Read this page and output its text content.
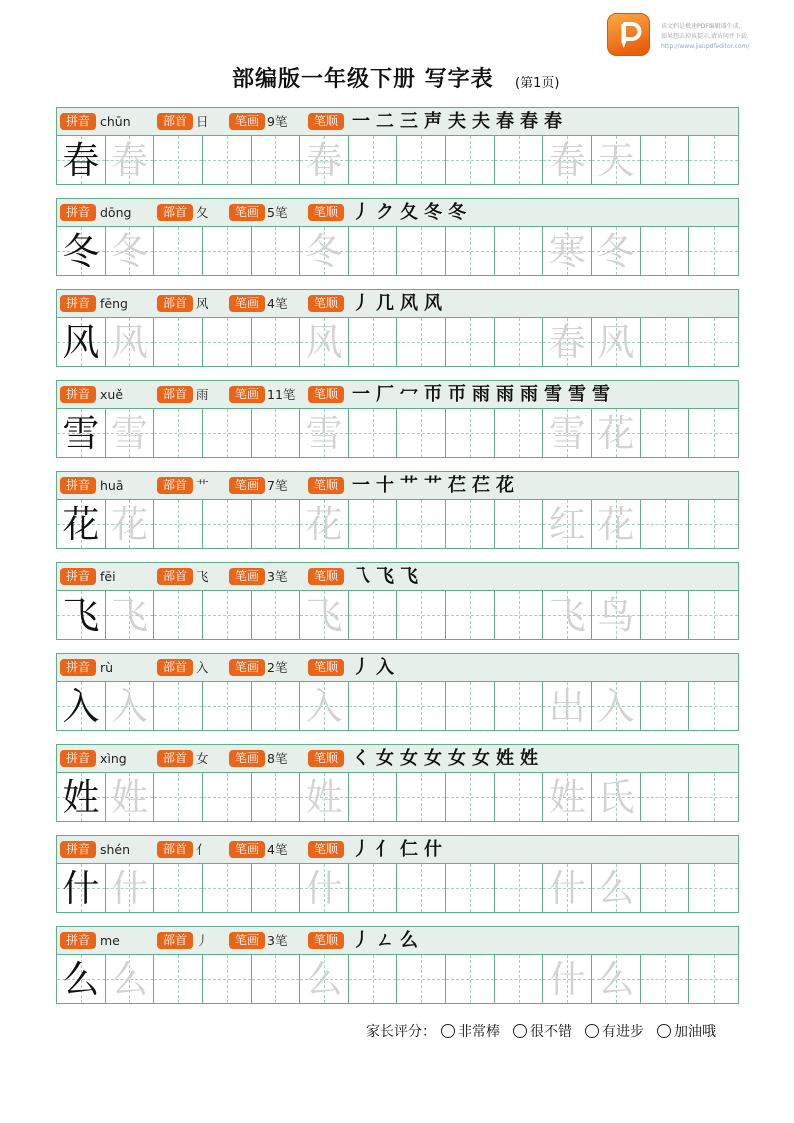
该文档是极速PDF编辑器生成,
如果想去掉该提示,请访问并下载:
http://www.jisupdfeditor.com/
部编版一年级下册 写字表 (第1页)
拼音 chūn	部首 日	笔画 9笔	笔顺 一 二 三 声 夫 夫 春 春 春
春 春	春	春 天
拼音 dōng	部首 夂	笔画 5笔	笔顺 丿 ク 夂 冬 冬
冬 冬	冬	寒 冬
拼音 fēng	部首 风	笔画 4笔	笔顺 丿 几 风 风
风 风	风	春 风
拼音 xuě	部首 雨	笔画 11笔	笔顺 一 厂 冖 帀 帀 雨 雨 雨 雪 雪 雪
雪 雪	雪	雪 花
拼音 huā	部首 艹	笔画 7笔	笔顺 一 十 艹 艹 芢 芢 花
花 花	花	红 花
拼音 fēi	部首 飞	笔画 3笔	笔顺 乁 飞 飞
飞 飞	飞	飞 鸟
拼音 rù	部首 入	笔画 2笔	笔顺 丿 入
入 入	入	出 入
拼音 xìng	部首 女	笔画 8笔	笔顺 く 女 女 女 女 女 姓 姓
姓 姓	姓	姓 氏
拼音 shén	部首 亻	笔画 4笔	笔顺 丿 亻 仁 什
什 什	什	什 么
拼音 me	部首 丿	笔画 3笔	笔顺 丿 ㄥ 么
么 么	么	什 么
家长评分：	非常棒 很不错 有进步 加油哦
